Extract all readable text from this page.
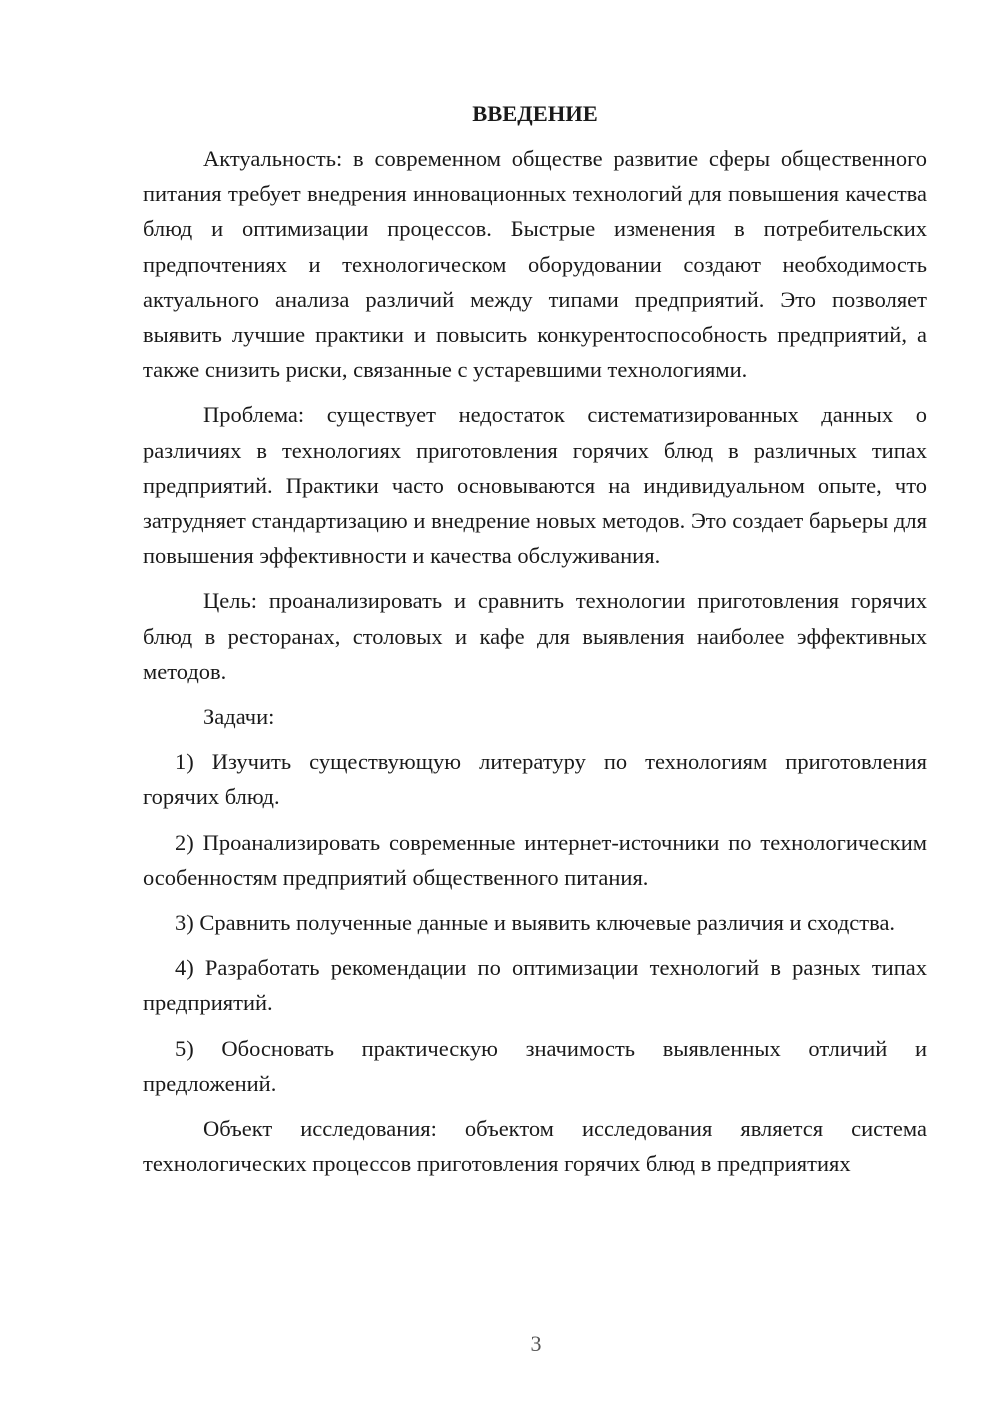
ВВЕДЕНИЕ

Актуальность: в современном обществе развитие сферы общественного питания требует внедрения инновационных технологий для повышения качества блюд и оптимизации процессов. Быстрые изменения в потребительских предпочтениях и технологическом оборудовании создают необходимость актуального анализа различий между типами предприятий. Это позволяет выявить лучшие практики и повысить конкурентоспособность предприятий, а также снизить риски, связанные с устаревшими технологиями.

Проблема: существует недостаток систематизированных данных о различиях в технологиях приготовления горячих блюд в различных типах предприятий. Практики часто основываются на индивидуальном опыте, что затрудняет стандартизацию и внедрение новых методов. Это создает барьеры для повышения эффективности и качества обслуживания.

Цель: проанализировать и сравнить технологии приготовления горячих блюд в ресторанах, столовых и кафе для выявления наиболее эффективных методов.

Задачи:

1) Изучить существующую литературу по технологиям приготовления горячих блюд.

2) Проанализировать современные интернет-источники по технологическим особенностям предприятий общественного питания.

3) Сравнить полученные данные и выявить ключевые различия и сходства.

4) Разработать рекомендации по оптимизации технологий в разных типах предприятий.

5) Обосновать практическую значимость выявленных отличий и предложений.

Объект исследования: объектом исследования является система технологических процессов приготовления горячих блюд в предприятиях

3
